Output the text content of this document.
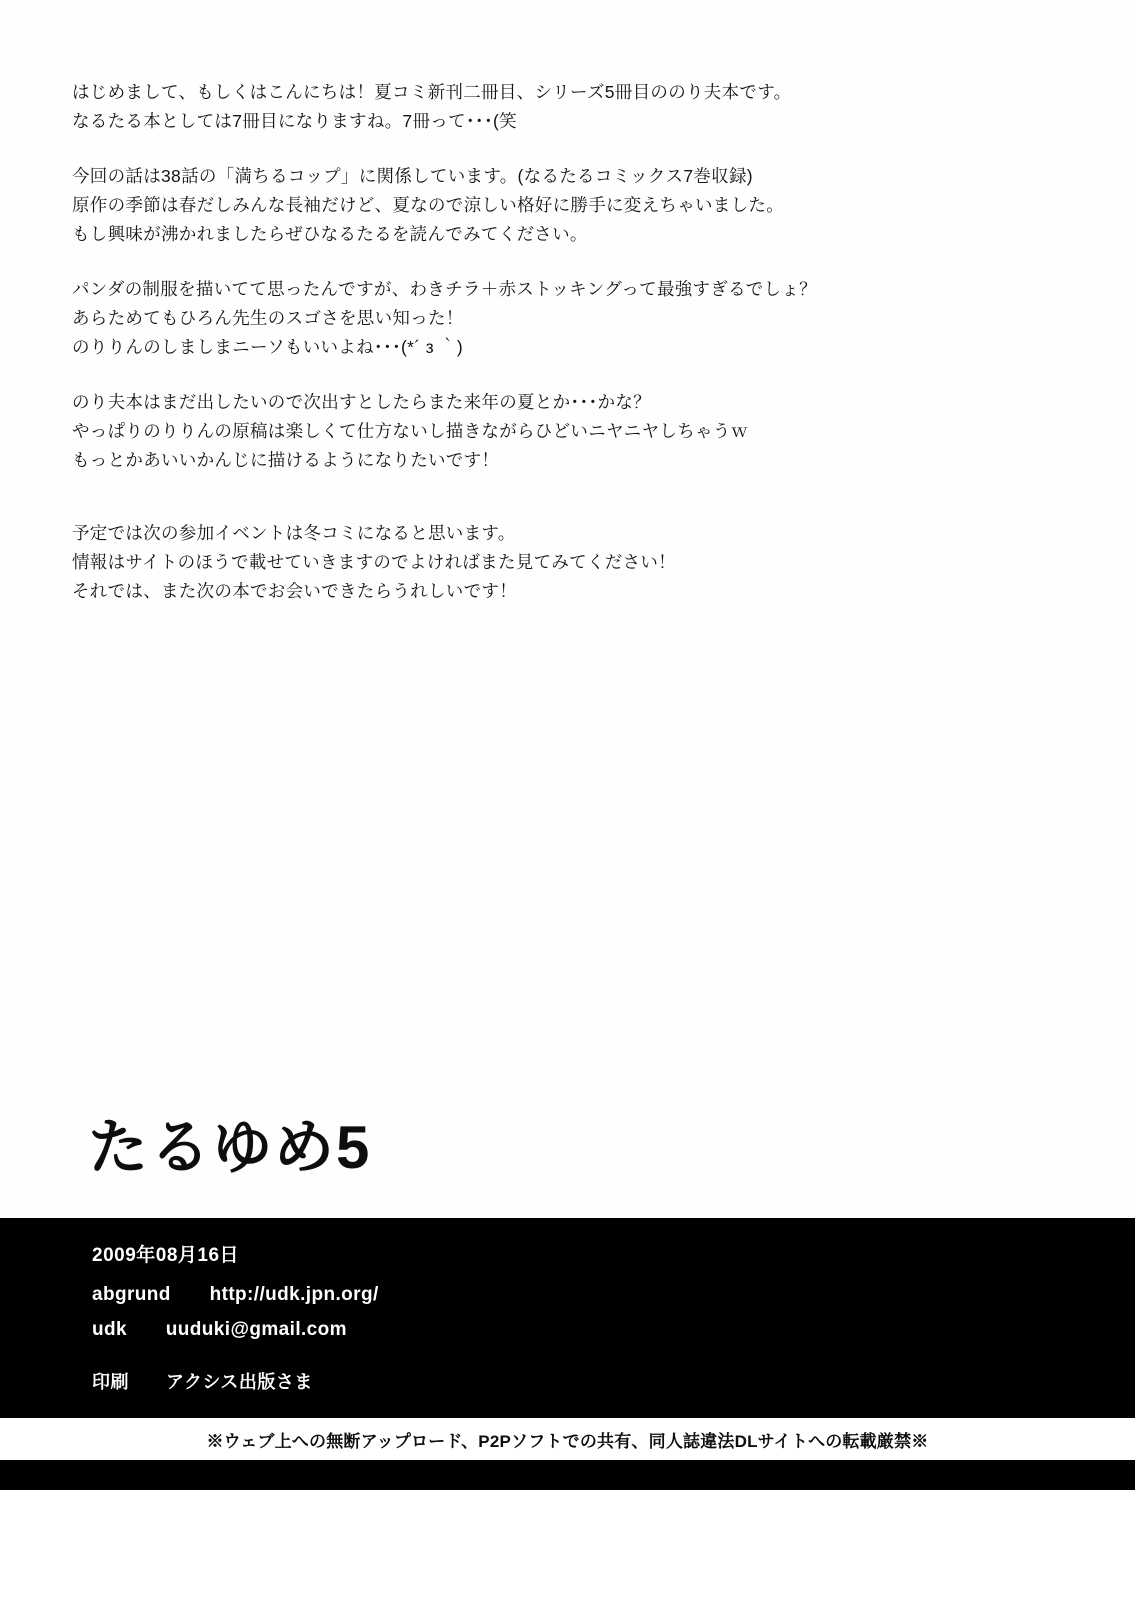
はじめまして、もしくはこんにちは！夏コミ新刊二冊目、シリーズ5冊目ののり夫本です。
なるたる本としては7冊目になりますね。7冊って･･･(笑
今回の話は38話の「満ちるコップ」に関係しています。(なるたるコミックス7巻収録)
原作の季節は春だしみんな長袖だけど、夏なので涼しい格好に勝手に変えちゃいました。
もし興味が沸かれましたらぜひなるたるを読んでみてください。
パンダの制服を描いてて思ったんですが、わきチラ＋赤ストッキングって最強すぎるでしょ？
あらためてもひろん先生のスゴさを思い知った！
のりりんのしましまニーソもいいよね･･･(*´ з ｀)
のり夫本はまだ出したいので次出すとしたらまた来年の夏とか･･･かな？
やっぱりのりりんの原稿は楽しくて仕方ないし描きながらひどいニヤニヤしちゃうｗ
もっとかあいいかんじに描けるようになりたいです！
予定では次の参加イベントは冬コミになると思います。
情報はサイトのほうで載せていきますのでよければまた見てみてください！
それでは、また次の本でお会いできたらうれしいです！
たるゆめ5
2009年08月16日
abgrund　　http://udk.jpn.org/
udk　　uuduki@gmail.com
印刷　　アクシス出版さま
※ウェブ上への無断アップロード、P2Pソフトでの共有、同人誌違法DLサイトへの転載厳禁※
